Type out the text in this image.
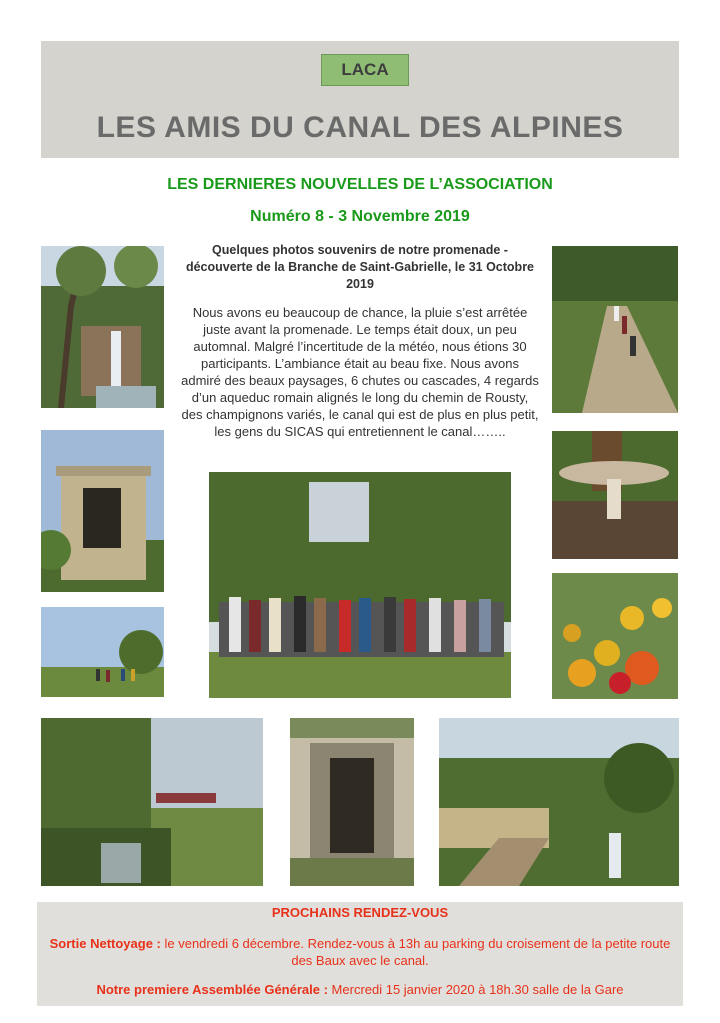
LACA
LES AMIS DU CANAL DES ALPINES
LES DERNIERES NOUVELLES DE L’ASSOCIATION
Numéro 8 - 3 Novembre 2019
Quelques photos souvenirs de notre promenade - découverte de la Branche de Saint-Gabrielle, le 31 Octobre 2019
Nous avons eu beaucoup de chance, la pluie s’est arrêtée juste avant la promenade. Le temps était doux, un peu automnal. Malgré l’incertitude de la météo, nous étions 30 participants. L’ambiance était au beau fixe. Nous avons admiré des beaux paysages, 6 chutes ou cascades, 4 regards d’un aqueduc romain alignés le long du chemin de Rousty, des champignons variés, le canal qui est de plus en plus petit, les gens du SICAS qui entretiennent le canal……..
PROCHAINS RENDEZ-VOUS
Sortie Nettoyage : le vendredi 6 décembre. Rendez-vous à 13h au parking du croisement de la petite route des Baux avec le canal.
Notre premiere Assemblée Générale : Mercredi 15 janvier 2020 à 18h.30 salle de la Gare
